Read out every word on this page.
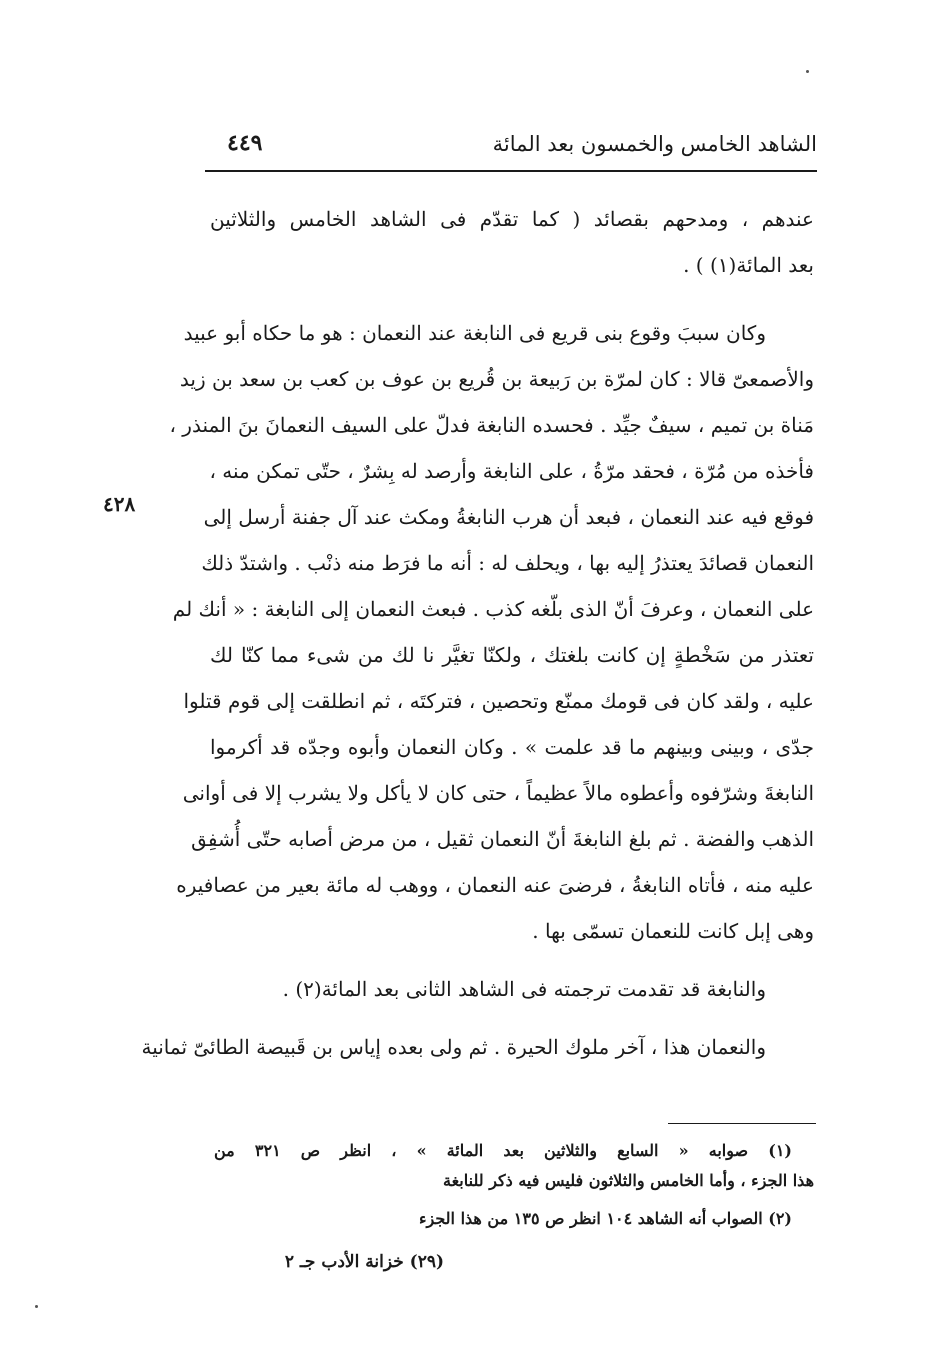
الشاهد الخامس والخمسون بعد المائة
٤٤٩
٤٢٨
عندهم ، ومدحهم بقصائد ( كما تقدّم فى الشاهد الخامس والثلاثين
بعد المائة(١) ) .
وكان سببَ وقوع بنى قريع فى النابغة عند النعمان : هو ما حكاه أبو عبيد
والأصمعىّ قالا : كان لمرّة بن رَبيعة بن قُريع بن عوف بن كعب بن سعد بن زيد
مَناة بن تميم ، سيفٌ جيِّد . فحسده النابغة فدلّ على السيف النعمانَ بنَ المنذر ،
فأخذه من مُرّة ، فحقد مرّةُ ، على النابغة وأرصد له بِشرٌ ، حتّى تمكن منه ،
فوقع فيه عند النعمان ، فبعد أن هرب النابغةُ ومكث عند آل جفنة أرسل إلى
النعمان قصائدَ يعتذرُ إليه بها ، ويحلف له : أنه ما فرَط منه ذنْب . واشتدّ ذلك
على النعمان ، وعرفَ أنّ الذى بلّغه كذب . فبعث النعمان إلى النابغة : « أنك لم
تعتذر من سَخْطةٍ إن كانت بلغتك ، ولكنّا تغيَّر نا لك من شىء مما كنّا لك
عليه ، ولقد كان فى قومك ممنّع وتحصين ، فتركتَه ، ثم انطلقت إلى قوم قتلوا
جدّى ، وبينى وبينهم ما قد علمت » . وكان النعمان وأبوه وجدّه قد أكرموا
النابغةَ وشرّفوه وأعطوه مالاً عظيماً ، حتى كان لا يأكل ولا يشرب إلا فى أوانى
الذهب والفضة . ثم بلغ النابغةَ أنّ النعمان ثقيل ، من مرض أصابه حتّى أُشفِق
عليه منه ، فأتاه النابغةُ ، فرضىَ عنه النعمان ، ووهب له مائة بعير من عصافيره
وهى إبل كانت للنعمان تسمّى بها .
والنابغة قد تقدمت ترجمته فى الشاهد الثانى بعد المائة(٢) .
والنعمان هذا ، آخر ملوك الحيرة . ثم ولى بعده إياس بن قَبيصة الطائىّ ثمانية
(١) صوابه « السابع والثلاثين بعد المائة » ، انظر ص ٣٢١ من
هذا الجزء ، وأما الخامس والثلاثون فليس فيه ذكر للنابغة
(٢) الصواب أنه الشاهد ١٠٤ انظر ص ١٣٥ من هذا الجزء
(٢٩) خزانة الأدب جـ ٢
